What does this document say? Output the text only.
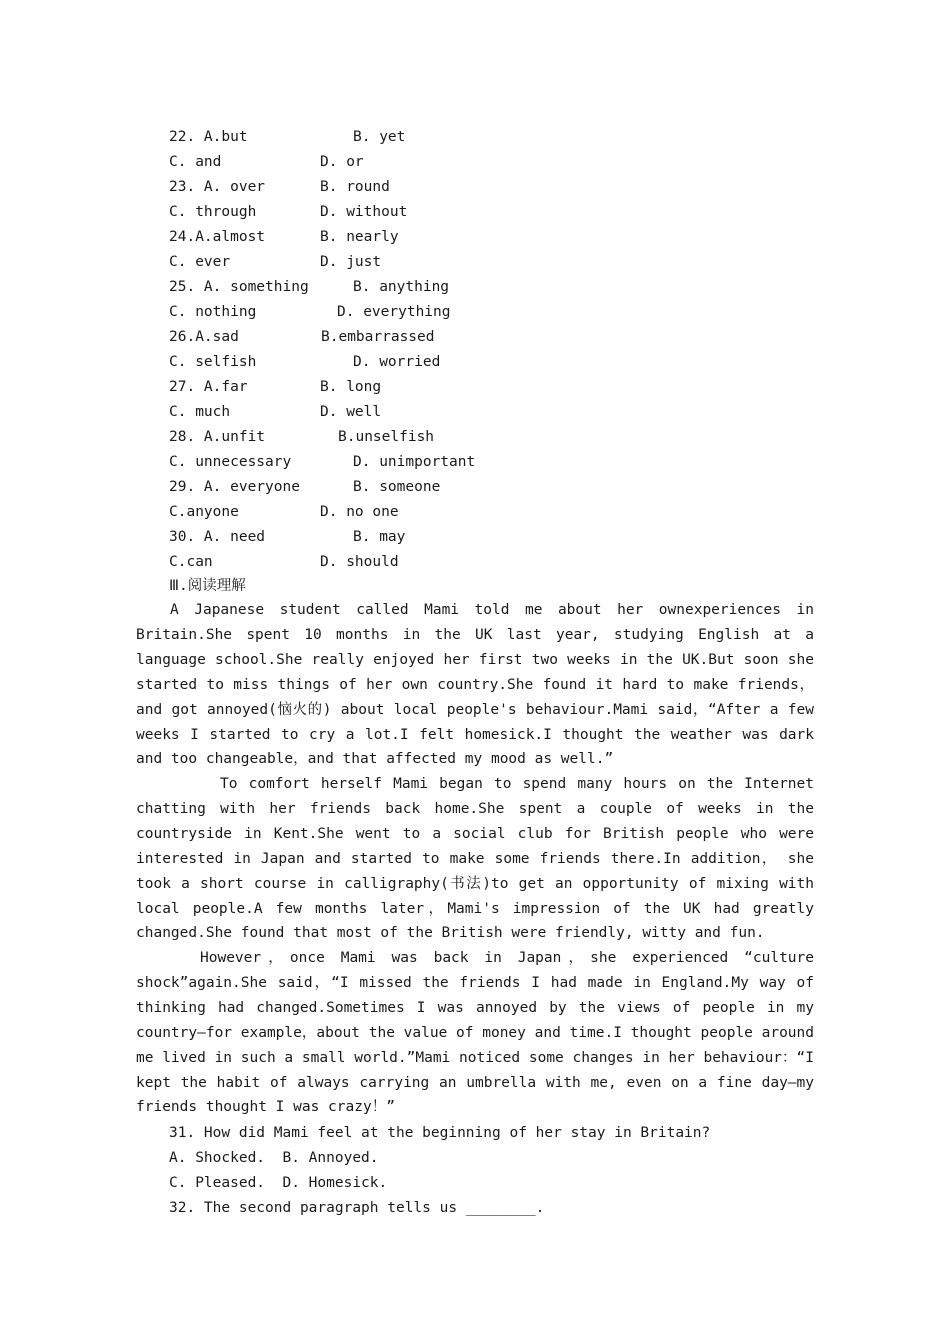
22. A.but	B. yet
C. and	D. or
23. A. over	B. round
C. through	D. without
24.A.almost	B. nearly
C. ever	D. just
25. A. something	B. anything
C. nothing	D. everything
26.A.sad	B.embarrassed
C. selfish	D. worried
27. A.far	B. long
C. much	D. well
28. A.unfit	B.unselfish
C. unnecessary	D. unimportant
29. A. everyone	B. someone
C.anyone	D. no one
30. A. need	B. may
C.can	D. should
Ⅲ.阅读理解
A Japanese student called Mami told me about her ownexperiences in Britain.She spent 10 months in the UK last year, studying English at a language school.She really enjoyed her first two weeks in the UK.But soon she started to miss things of her own country.She found it hard to make friends，and got annoyed(恼火的) about local people's behaviour.Mami said，“After a few weeks I started to cry a lot.I felt homesick.I thought the weather was dark and too changeable，and that affected my mood as well.”
To comfort herself Mami began to spend many hours on the Internet chatting with her friends back home.She spent a couple of weeks in the countryside in Kent.She went to a social club for British people who were interested in Japan and started to make some friends there.In addition， she took a short course in calligraphy(书法)to get an opportunity of mixing with local people.A few months later，Mami's impression of the UK had greatly changed.She found that most of the British were friendly, witty and fun.
However，once Mami was back in Japan，she experienced “culture shock”again.She said，“I missed the friends I had made in England.My way of thinking had changed.Sometimes I was annoyed by the views of people in my country—for example，about the value of money and time.I thought people around me lived in such a small world.”Mami noticed some changes in her behaviour：“I kept the habit of always carrying an umbrella with me, even on a fine day—my friends thought I was crazy！”
31. How did Mami feel at the beginning of her stay in Britain?
A. Shocked.  B. Annoyed.
C. Pleased.  D. Homesick.
32. The second paragraph tells us ________.
